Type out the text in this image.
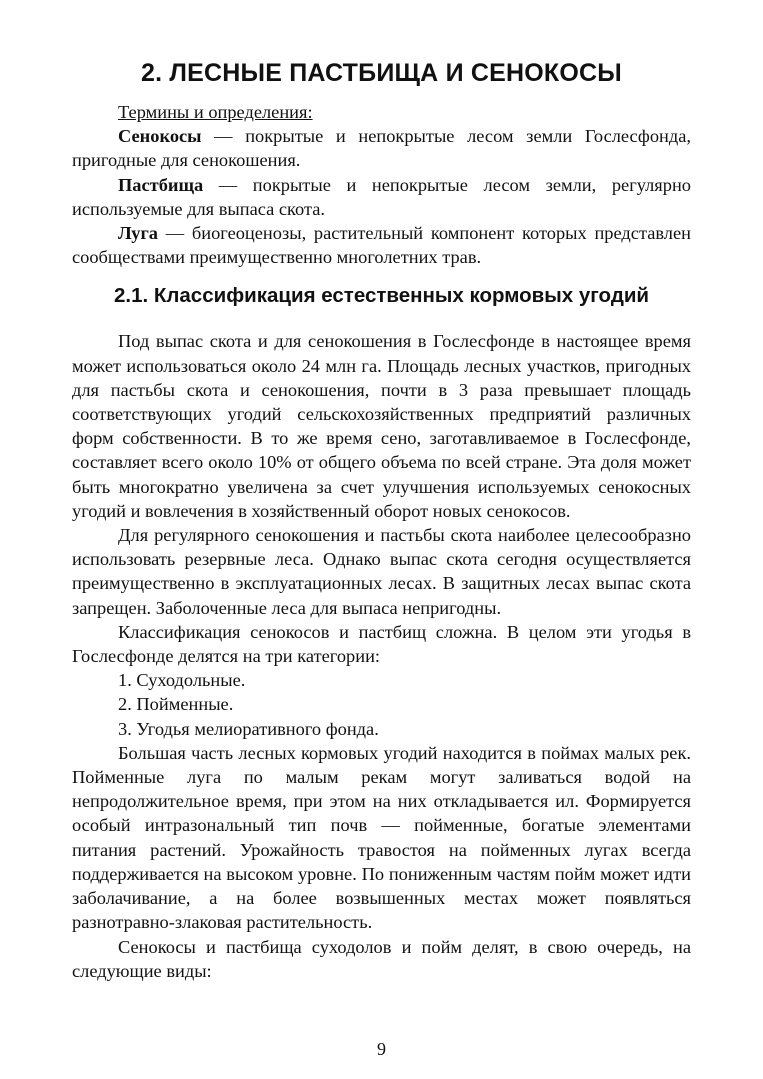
2. ЛЕСНЫЕ ПАСТБИЩА И СЕНОКОСЫ

Термины и определения:

Сенокосы — покрытые и непокрытые лесом земли Гослесфонда, пригодные для сенокошения.

Пастбища — покрытые и непокрытые лесом земли, регулярно используемые для выпаса скота.

Луга — биогеоценозы, растительный компонент которых представлен сообществами преимущественно многолетних трав.

2.1. Классификация естественных кормовых угодий

Под выпас скота и для сенокошения в Гослесфонде в настоящее время может использоваться около 24 млн га. Площадь лесных участков, пригодных для пастьбы скота и сенокошения, почти в 3 раза превышает площадь соответствующих угодий сельскохозяйственных предприятий различных форм собственности. В то же время сено, заготавливаемое в Гослесфонде, составляет всего около 10% от общего объема по всей стране. Эта доля может быть многократно увеличена за счет улучшения используемых сенокосных угодий и вовлечения в хозяйственный оборот новых сенокосов.

Для регулярного сенокошения и пастьбы скота наиболее целесообразно использовать резервные леса. Однако выпас скота сегодня осуществляется преимущественно в эксплуатационных лесах. В защитных лесах выпас скота запрещен. Заболоченные леса для выпаса непригодны.

Классификация сенокосов и пастбищ сложна. В целом эти угодья в Гослесфонде делятся на три категории:

1. Суходольные.

2. Пойменные.

3. Угодья мелиоративного фонда.

Большая часть лесных кормовых угодий находится в поймах малых рек. Пойменные луга по малым рекам могут заливаться водой на непродолжительное время, при этом на них откладывается ил. Формируется особый интразональный тип почв — пойменные, богатые элементами питания растений. Урожайность травостоя на пойменных лугах всегда поддерживается на высоком уровне. По пониженным частям пойм может идти заболачивание, а на более возвышенных местах может появляться разнотравно-злаковая растительность.

Сенокосы и пастбища суходолов и пойм делят, в свою очередь, на следующие виды:

9
